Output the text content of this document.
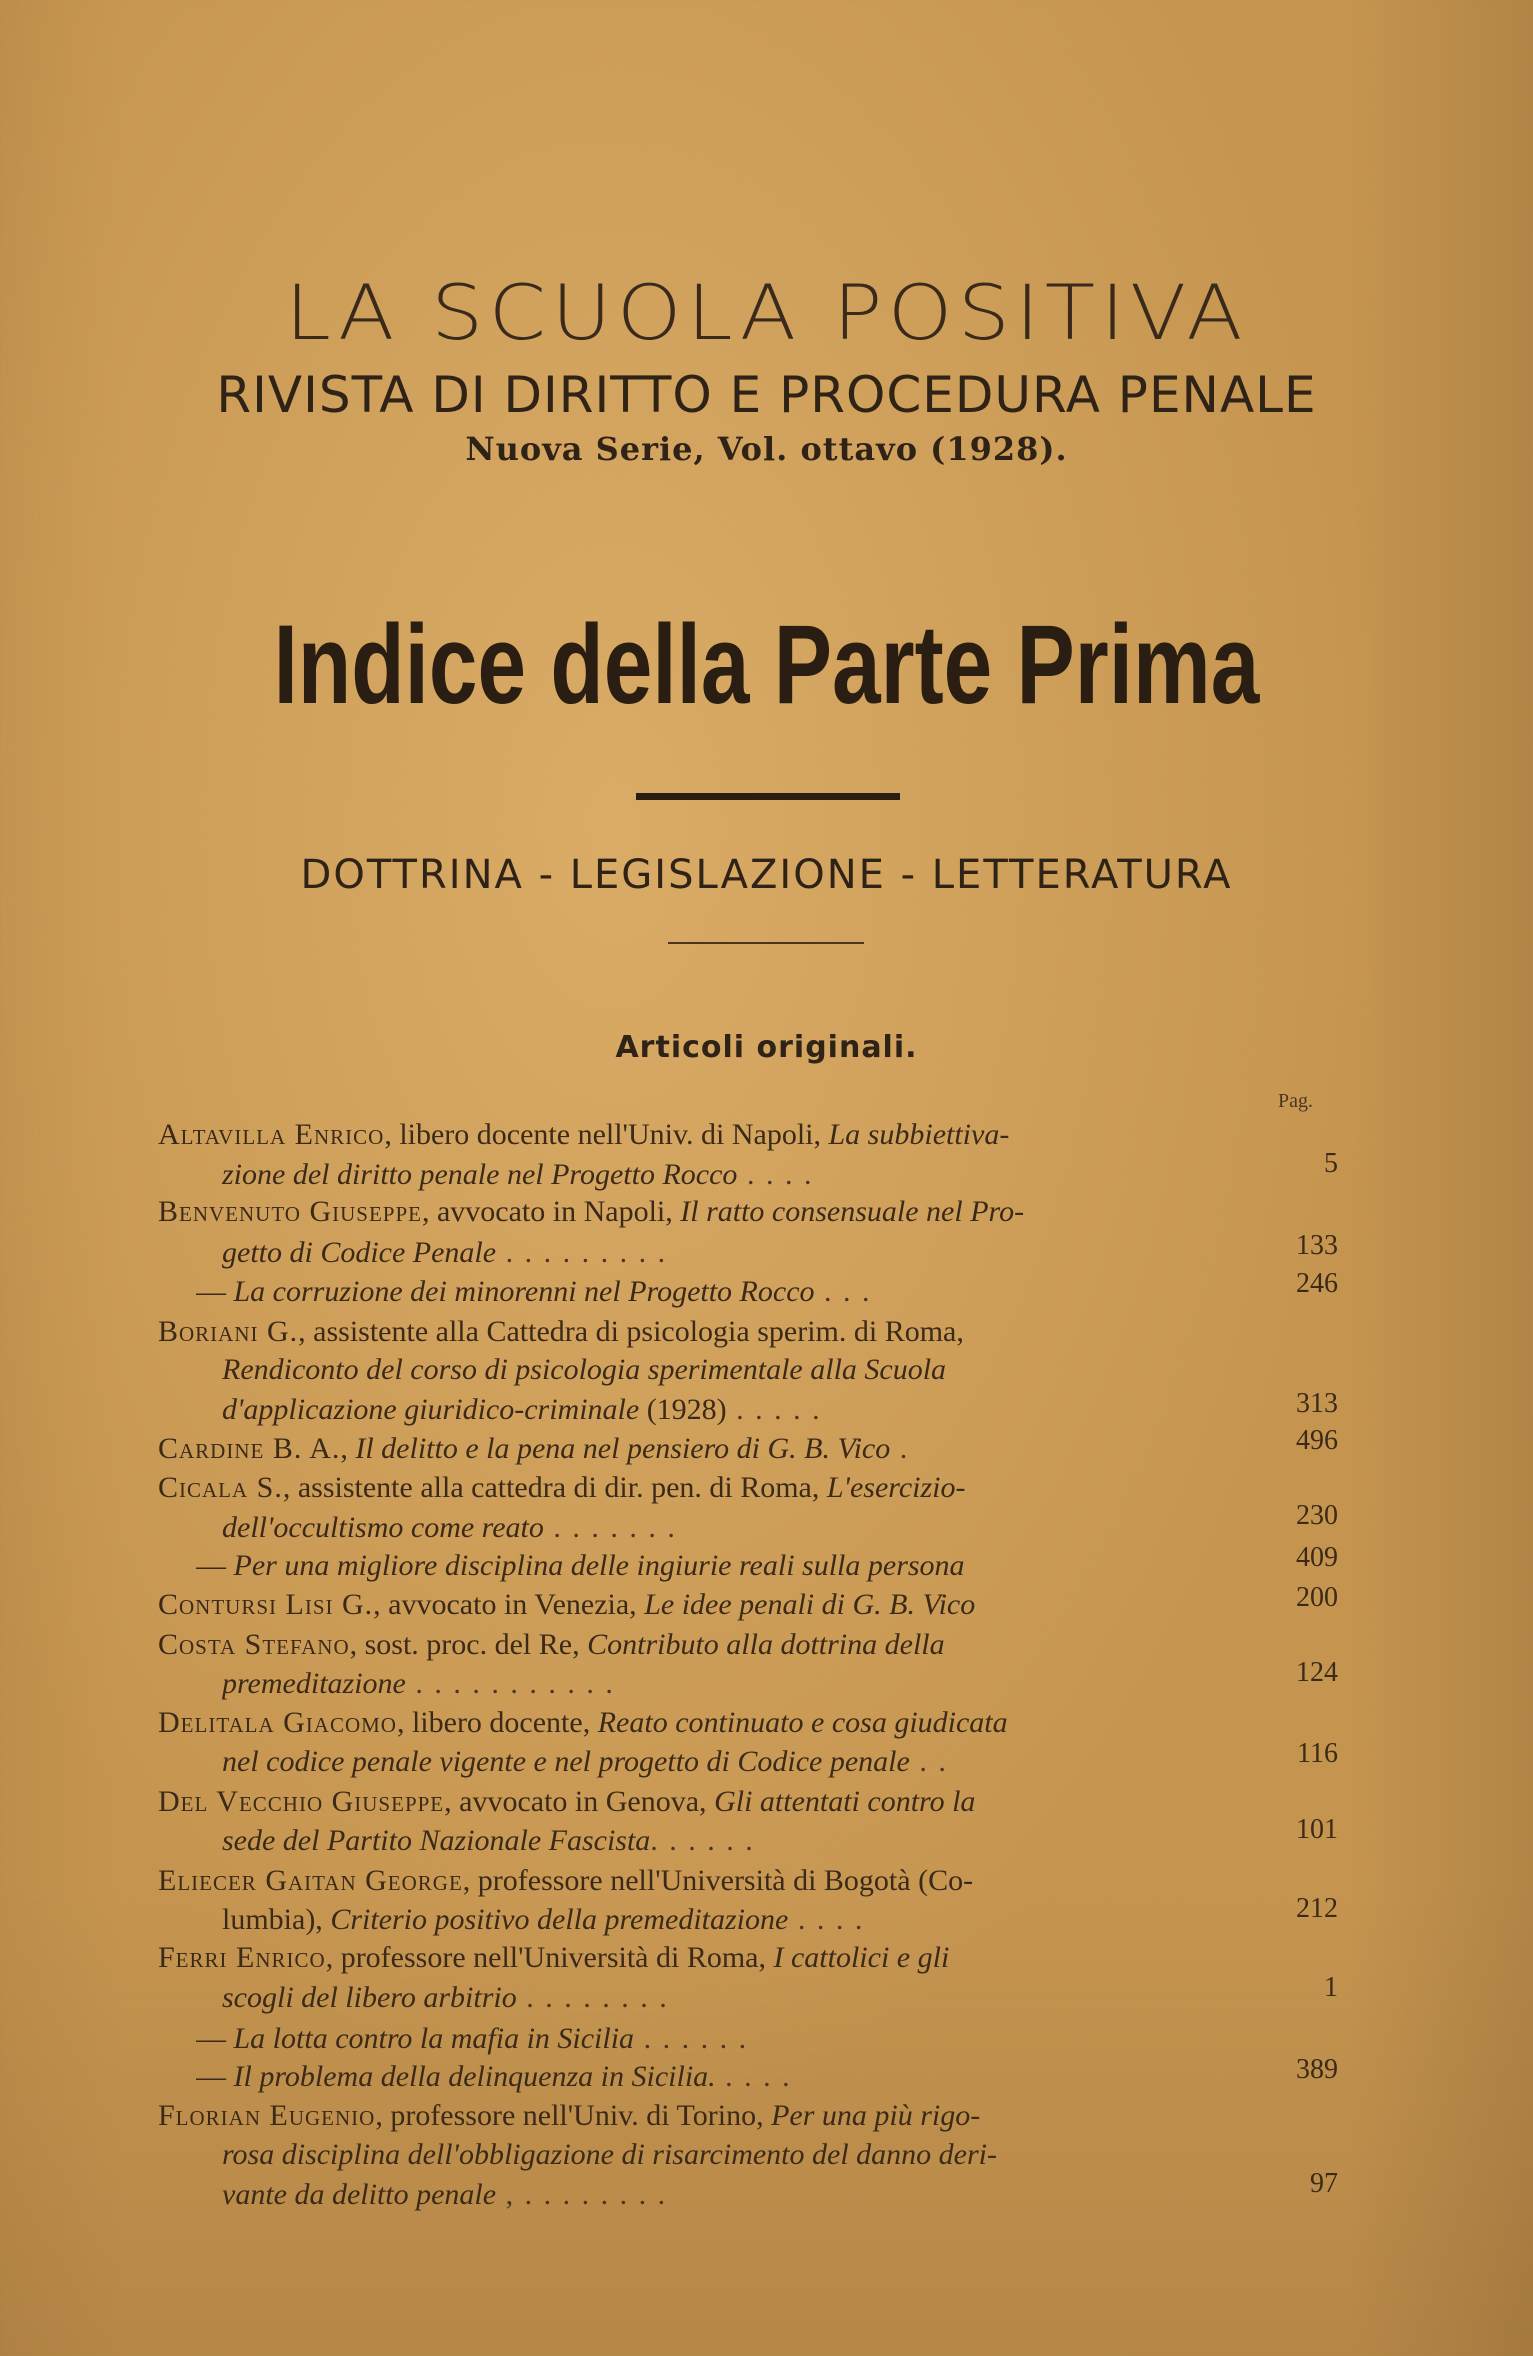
LA SCUOLA POSITIVA
RIVISTA DI DIRITTO E PROCEDURA PENALE
Nuova Serie, Vol. ottavo (1928).
Indice della Parte Prima
DOTTRINA - LEGISLAZIONE - LETTERATURA
Articoli originali.
Pag.
Altavilla Enrico, libero docente nell'Univ. di Napoli, La subbiettiva-
zione del diritto penale nel Progetto Rocco . . . .	5
Benvenuto Giuseppe, avvocato in Napoli, Il ratto consensuale nel Pro-
getto di Codice Penale . . . . . . . . .	133
— La corruzione dei minorenni nel Progetto Rocco . . .	246
Boriani G., assistente alla Cattedra di psicologia sperim. di Roma,
Rendiconto del corso di psicologia sperimentale alla Scuola
d'applicazione giuridico-criminale (1928) . . . . .	313
Cardine B. A., Il delitto e la pena nel pensiero di G. B. Vico .	496
Cicala S., assistente alla cattedra di dir. pen. di Roma, L'esercizio-
dell'occultismo come reato . . . . . . .	230
— Per una migliore disciplina delle ingiurie reali sulla persona	409
Contursi Lisi G., avvocato in Venezia, Le idee penali di G. B. Vico	200
Costa Stefano, sost. proc. del Re, Contributo alla dottrina della
premeditazione . . . . . . . . . . .	124
Delitala Giacomo, libero docente, Reato continuato e cosa giudicata
nel codice penale vigente e nel progetto di Codice penale . .	116
Del Vecchio Giuseppe, avvocato in Genova, Gli attentati contro la
sede del Partito Nazionale Fascista. . . . . .	101
Eliecer Gaitan George, professore nell'Università di Bogotà (Co-
lumbia), Criterio positivo della premeditazione . . . .	212
Ferri Enrico, professore nell'Università di Roma, I cattolici e gli
scogli del libero arbitrio . . . . . . . .	1
— La lotta contro la mafia in Sicilia . . . . . .
— Il problema della delinquenza in Sicilia. . . . .	389
Florian Eugenio, professore nell'Univ. di Torino, Per una più rigo-
rosa disciplina dell'obbligazione di risarcimento del danno deri-
vante da delitto penale , . . . . . . . .	97
